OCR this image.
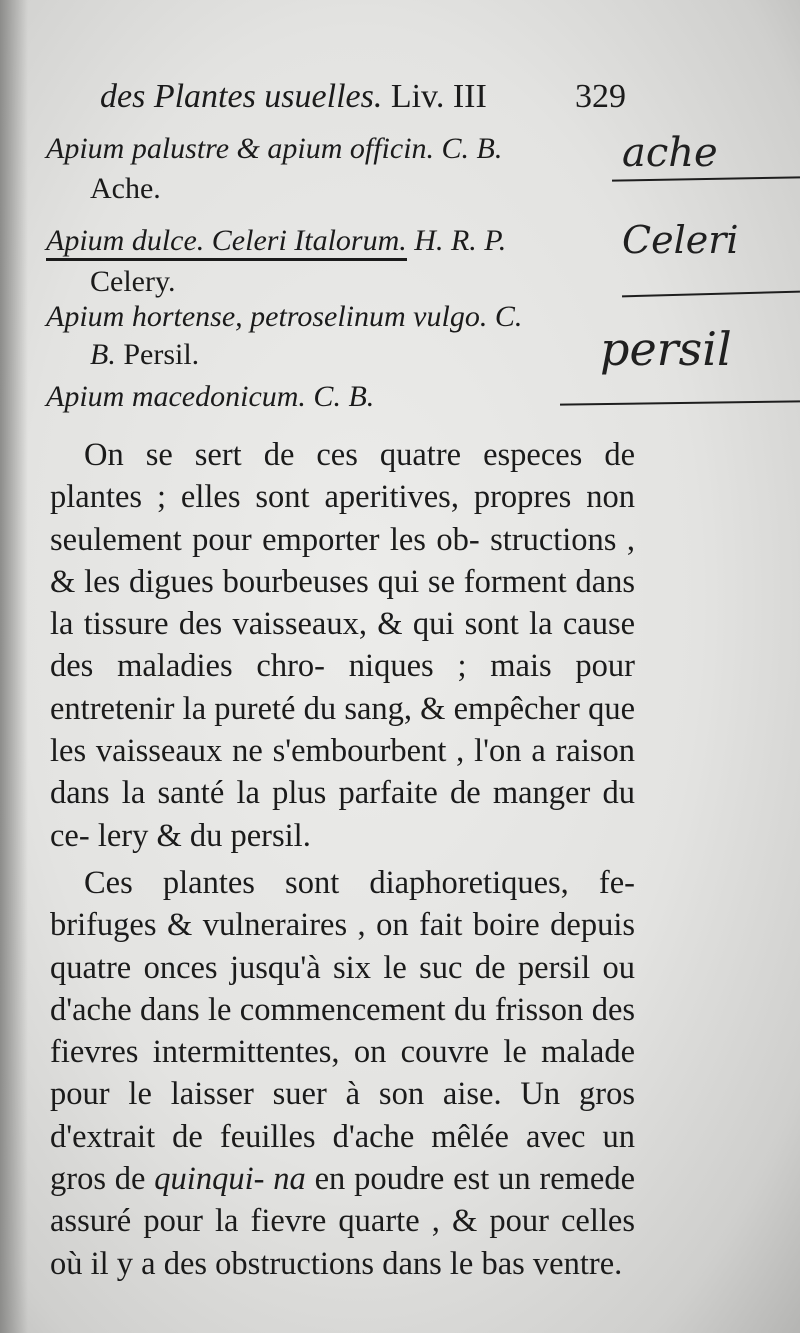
des Plantes usuelles. Liv. III	329
Apium palustre & apium officin. C. B.
Ache.
Apium dulce. Celeri Italorum. H. R. P.
Celery.
Apium hortense, petroselinum vulgo. C.
B. Persil.
Apium macedonicum. C. B.
ache
Celeri
persil

On se sert de ces quatre especes de plantes ; elles sont aperitives, propres non seulement pour emporter les ob- structions , & les digues bourbeuses qui se forment dans la tissure des vaisseaux, & qui sont la cause des maladies chro- niques ; mais pour entretenir la pureté du sang, & empêcher que les vaisseaux ne s'embourbent , l'on a raison dans la santé la plus parfaite de manger du ce- lery & du persil.

Ces plantes sont diaphoretiques, fe- brifuges & vulneraires , on fait boire depuis quatre onces jusqu'à six le suc de persil ou d'ache dans le commencement du frisson des fievres intermittentes, on couvre le malade pour le laisser suer à son aise. Un gros d'extrait de feuilles d'ache mêlée avec un gros de quinqui- na en poudre est un remede assuré pour la fievre quarte , & pour celles où il y a des obstructions dans le bas ventre.
